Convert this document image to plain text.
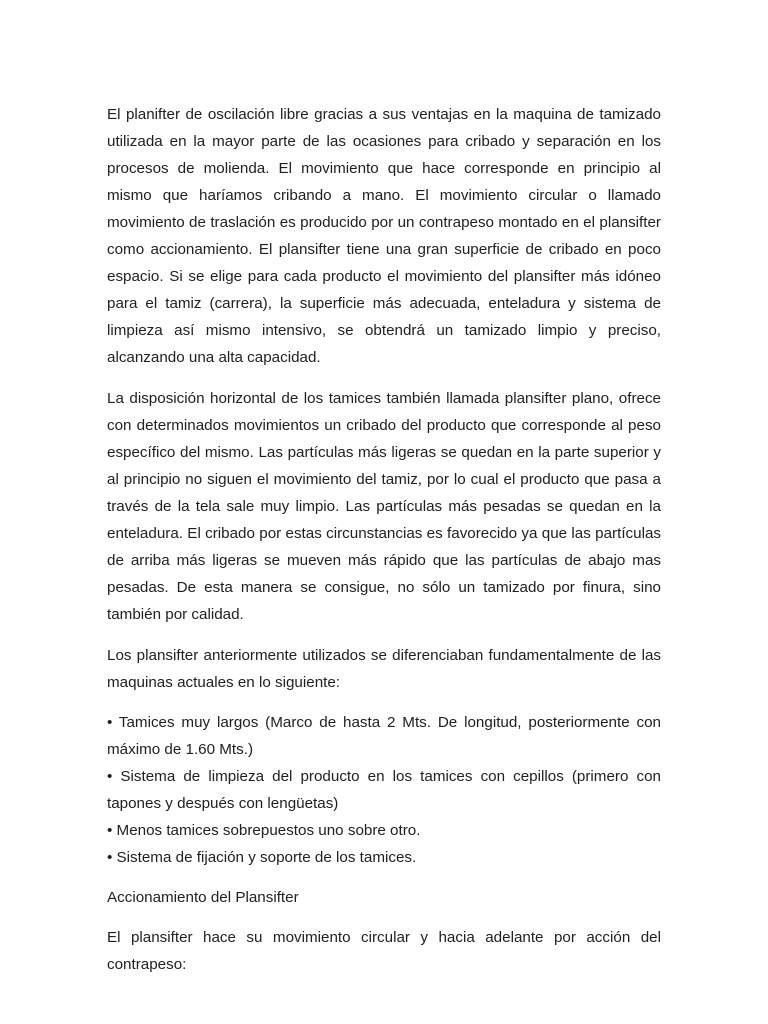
El planifter de oscilación libre gracias a sus ventajas en la maquina de tamizado utilizada en la mayor parte de las ocasiones para cribado y separación en los procesos de molienda. El movimiento que hace corresponde en principio al mismo que haríamos cribando a mano. El movimiento circular o llamado movimiento de traslación es producido por un contrapeso montado en el plansifter como accionamiento. El plansifter tiene una gran superficie de cribado en poco espacio. Si se elige para cada producto el movimiento del plansifter más idóneo para el tamiz (carrera), la superficie más adecuada, enteladura y sistema de limpieza así mismo intensivo, se obtendrá un tamizado limpio y preciso, alcanzando una alta capacidad.

La disposición horizontal de los tamices también llamada plansifter plano, ofrece con determinados movimientos un cribado del producto que corresponde al peso específico del mismo. Las partículas más ligeras se quedan en la parte superior y al principio no siguen el movimiento del tamiz, por lo cual el producto que pasa a través de la tela sale muy limpio. Las partículas más pesadas se quedan en la enteladura. El cribado por estas circunstancias es favorecido ya que las partículas de arriba más ligeras se mueven más rápido que las partículas de abajo mas pesadas. De esta manera se consigue, no sólo un tamizado por finura, sino también por calidad.

Los plansifter anteriormente utilizados se diferenciaban fundamentalmente de las maquinas actuales en lo siguiente:

• Tamices muy largos (Marco de hasta 2 Mts. De longitud, posteriormente con máximo de 1.60 Mts.)
• Sistema de limpieza del producto en los tamices con cepillos (primero con tapones y después con lengüetas)
• Menos tamices sobrepuestos uno sobre otro.
• Sistema de fijación y soporte de los tamices.

Accionamiento del Plansifter

El plansifter hace su movimiento circular y hacia adelante por acción del contrapeso:
